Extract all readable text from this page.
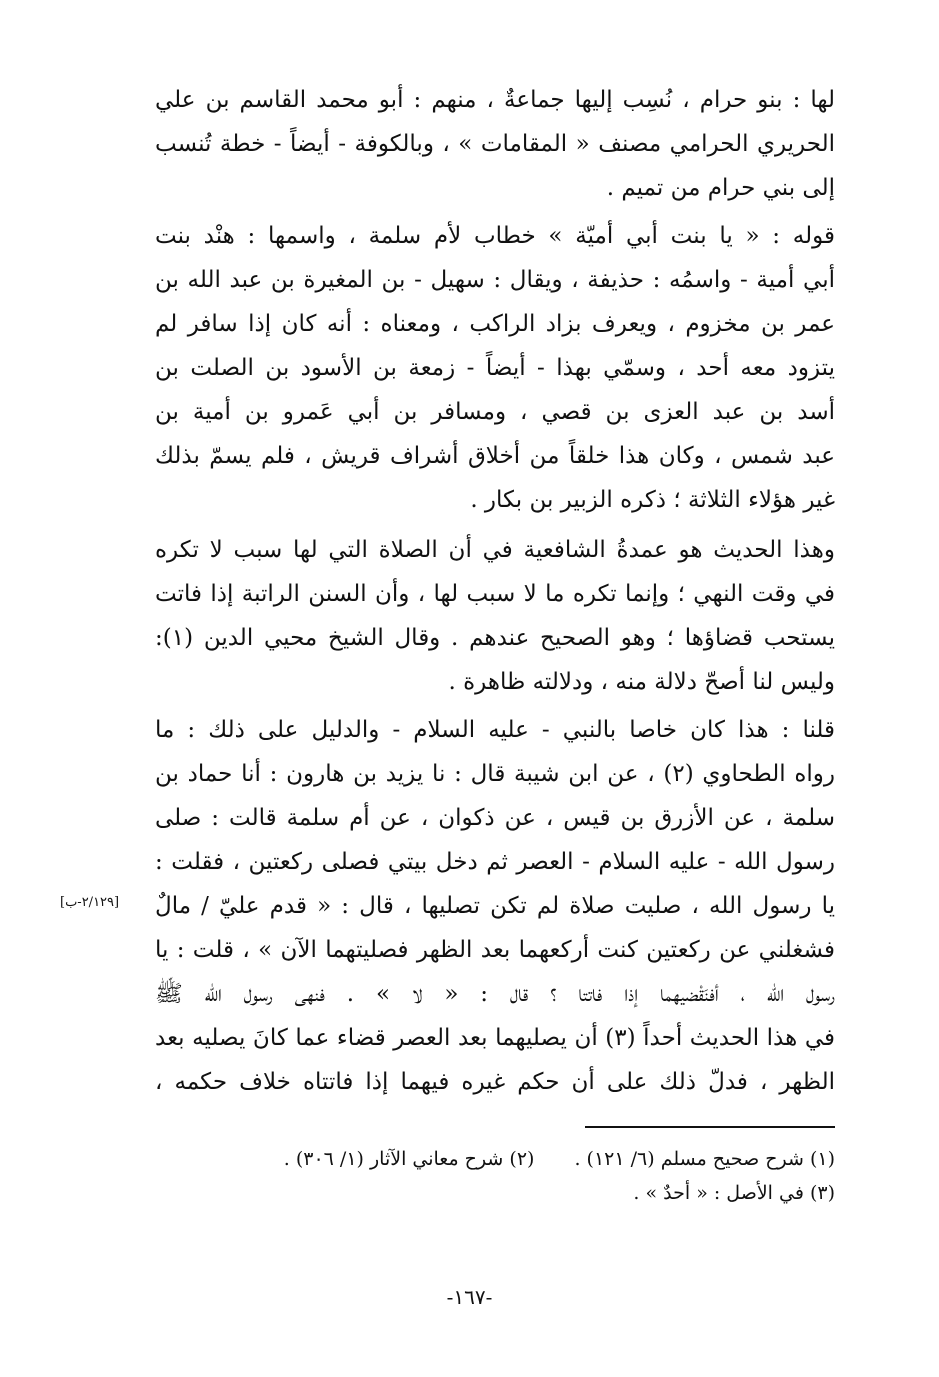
لها : بنو حرام ، نُسِب إليها جماعةٌ ، منهم : أبو محمد القاسم بن علي
الحريري الحرامي مصنف « المقامات » ، وبالكوفة - أيضاً - خطة تُنسب
إلى بني حرام من تميم .
قوله : « يا بنت أبي أميّة » خطاب لأم سلمة ، واسمها : هنْد بنت
أبي أمية - واسمُه : حذيفة ، ويقال : سهيل - بن المغيرة بن عبد الله بن
عمر بن مخزوم ، ويعرف بزاد الراكب ، ومعناه : أنه كان إذا سافر لم
يتزود معه أحد ، وسمّي بهذا - أيضاً - زمعة بن الأسود بن الصلت بن
أسد بن عبد العزى بن قصي ، ومسافر بن أبي عَمرو بن أمية بن
عبد شمس ، وكان هذا خلقاً من أخلاق أشراف قريش ، فلم يسمّ بذلك
غير هؤلاء الثلاثة ؛ ذكره الزبير بن بكار .
وهذا الحديث هو عمدةُ الشافعية في أن الصلاة التي لها سبب لا تكره
في وقت النهي ؛ وإنما تكره ما لا سبب لها ، وأن السنن الراتبة إذا فاتت
يستحب قضاؤها ؛ وهو الصحيح عندهم . وقال الشيخ محيي الدين (١):
وليس لنا أصحّ دلالة منه ، ودلالته ظاهرة .
قلنا : هذا كان خاصا بالنبي - عليه السلام - والدليل على ذلك : ما
رواه الطحاوي (٢) ، عن ابن شيبة قال : نا يزيد بن هارون : أنا حماد بن
سلمة ، عن الأزرق بن قيس ، عن ذكوان ، عن أم سلمة قالت : صلى
رسول الله - عليه السلام - العصر ثم دخل بيتي فصلى ركعتين ، فقلت :
يا رسول الله ، صليت صلاة لم تكن تصليها ، قال : « قدم عليّ / مالٌ
فشغلني عن ركعتين كنت أركعهما بعد الظهر فصليتهما الآن » ، قلت : يا
رسول الله ، أفنَقْضيهما إذا فاتتا ؟ قال : « لا » . فنهى رسول الله ﷺ
في هذا الحديث أحداً (٣) أن يصليهما بعد العصر قضاء عما كانَ يصليه بعد
الظهر ، فدلّ ذلك على أن حكم غيره فيهما إذا فاتتاه خلاف حكمه ،
[٢/١٢٩-ب]
(١) شرح صحيح مسلم (٦/ ١٢١) .(٢) شرح معاني الآثار (١/ ٣٠٦) .
(٣) في الأصل : « أحدٌ » .
-١٦٧-
